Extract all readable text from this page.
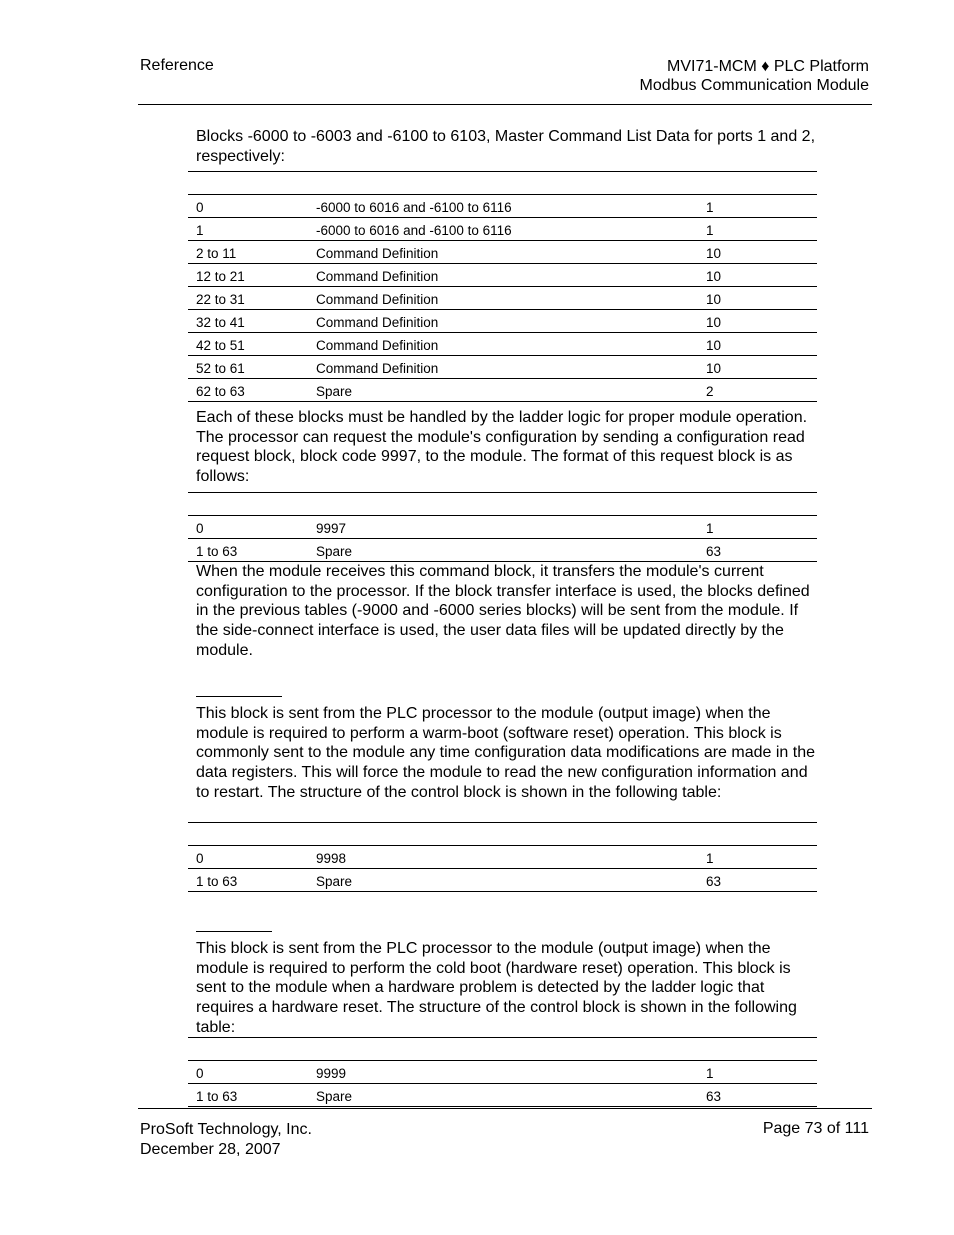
Reference	MVI71-MCM ♦ PLC Platform
Modbus Communication Module
Blocks -6000 to -6003 and -6100 to 6103, Master Command List Data for ports 1 and 2, respectively:
0	-6000 to 6016 and -6100 to 6116	1
1	-6000 to 6016 and -6100 to 6116	1
2 to 11	Command Definition	10
12 to 21	Command Definition	10
22 to 31	Command Definition	10
32 to 41	Command Definition	10
42 to 51	Command Definition	10
52 to 61	Command Definition	10
62 to 63	Spare	2
Each of these blocks must be handled by the ladder logic for proper module operation. The processor can request the module's configuration by sending a configuration read request block, block code 9997, to the module. The format of this request block is as follows:
0	9997	1
1 to 63	Spare	63
When the module receives this command block, it transfers the module's current configuration to the processor. If the block transfer interface is used, the blocks defined in the previous tables (-9000 and -6000 series blocks) will be sent from the module. If the side-connect interface is used, the user data files will be updated directly by the module.
This block is sent from the PLC processor to the module (output image) when the module is required to perform a warm-boot (software reset) operation. This block is commonly sent to the module any time configuration data modifications are made in the data registers. This will force the module to read the new configuration information and to restart. The structure of the control block is shown in the following table:
0	9998	1
1 to 63	Spare	63
This block is sent from the PLC processor to the module (output image) when the module is required to perform the cold boot (hardware reset) operation. This block is sent to the module when a hardware problem is detected by the ladder logic that requires a hardware reset. The structure of the control block is shown in the following table:
0	9999	1
1 to 63	Spare	63
ProSoft Technology, Inc.
December 28, 2007
Page 73 of 111
